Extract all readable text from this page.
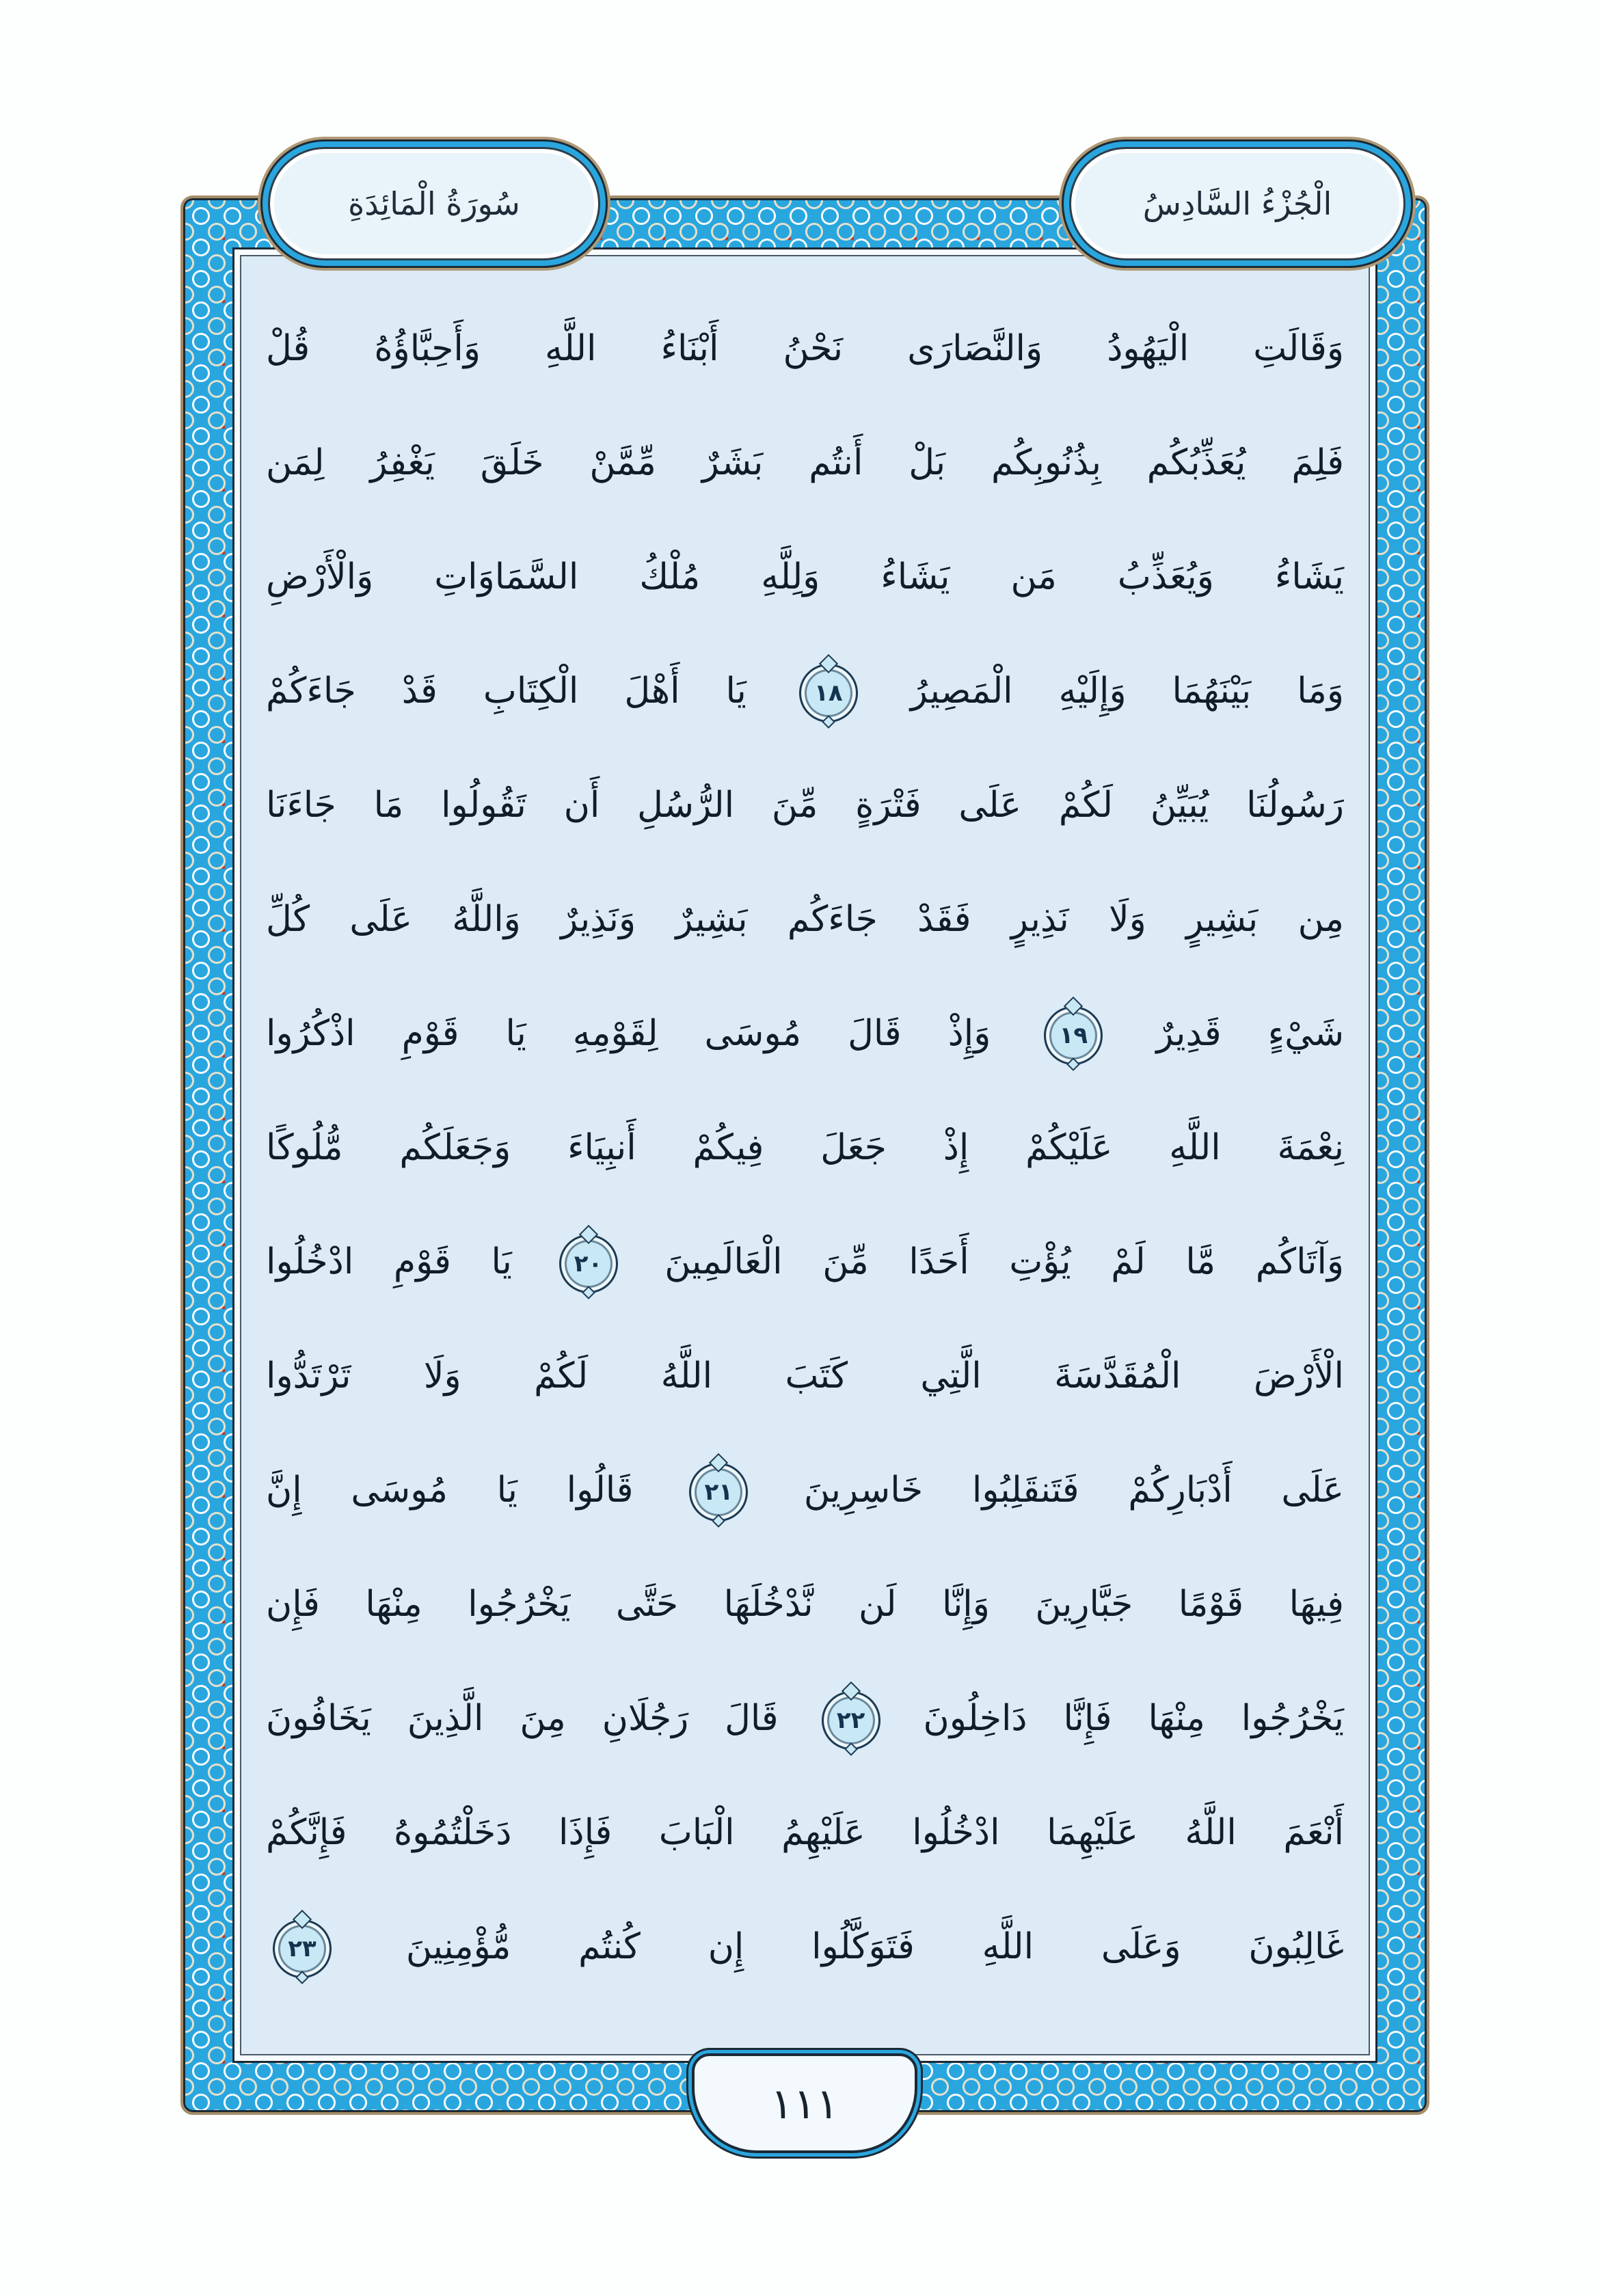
سُورَةُ الْمَائِدَةِ	الْجُزْءُ السَّادِسُ
وَقَالَتِ الْيَهُودُ وَالنَّصَارَى نَحْنُ أَبْنَاءُ اللَّهِ وَأَحِبَّاؤُهُ قُلْ
فَلِمَ يُعَذِّبُكُم بِذُنُوبِكُم بَلْ أَنتُم بَشَرٌ مِّمَّنْ خَلَقَ يَغْفِرُ لِمَن
يَشَاءُ وَيُعَذِّبُ مَن يَشَاءُ وَلِلَّهِ مُلْكُ السَّمَاوَاتِ وَالْأَرْضِ
وَمَا بَيْنَهُمَا وَإِلَيْهِ الْمَصِيرُ
١٨
يَا أَهْلَ الْكِتَابِ قَدْ جَاءَكُمْ
رَسُولُنَا يُبَيِّنُ لَكُمْ عَلَى فَتْرَةٍ مِّنَ الرُّسُلِ أَن تَقُولُوا مَا جَاءَنَا
مِن بَشِيرٍ وَلَا نَذِيرٍ فَقَدْ جَاءَكُم بَشِيرٌ وَنَذِيرٌ وَاللَّهُ عَلَى كُلِّ
شَيْءٍ قَدِيرٌ
١٩
وَإِذْ قَالَ مُوسَى لِقَوْمِهِ يَا قَوْمِ اذْكُرُوا
نِعْمَةَ اللَّهِ عَلَيْكُمْ إِذْ جَعَلَ فِيكُمْ أَنبِيَاءَ وَجَعَلَكُم مُّلُوكًا
وَآتَاكُم مَّا لَمْ يُؤْتِ أَحَدًا مِّنَ الْعَالَمِينَ
٢٠
يَا قَوْمِ ادْخُلُوا
الْأَرْضَ الْمُقَدَّسَةَ الَّتِي كَتَبَ اللَّهُ لَكُمْ وَلَا تَرْتَدُّوا
عَلَى أَدْبَارِكُمْ فَتَنقَلِبُوا خَاسِرِينَ
٢١
قَالُوا يَا مُوسَى إِنَّ
فِيهَا قَوْمًا جَبَّارِينَ وَإِنَّا لَن نَّدْخُلَهَا حَتَّى يَخْرُجُوا مِنْهَا فَإِن
يَخْرُجُوا مِنْهَا فَإِنَّا دَاخِلُونَ
٢٢
قَالَ رَجُلَانِ مِنَ الَّذِينَ يَخَافُونَ
أَنْعَمَ اللَّهُ عَلَيْهِمَا ادْخُلُوا عَلَيْهِمُ الْبَابَ فَإِذَا دَخَلْتُمُوهُ فَإِنَّكُمْ
غَالِبُونَ وَعَلَى اللَّهِ فَتَوَكَّلُوا إِن كُنتُم مُّؤْمِنِينَ
٢٣
١١١
